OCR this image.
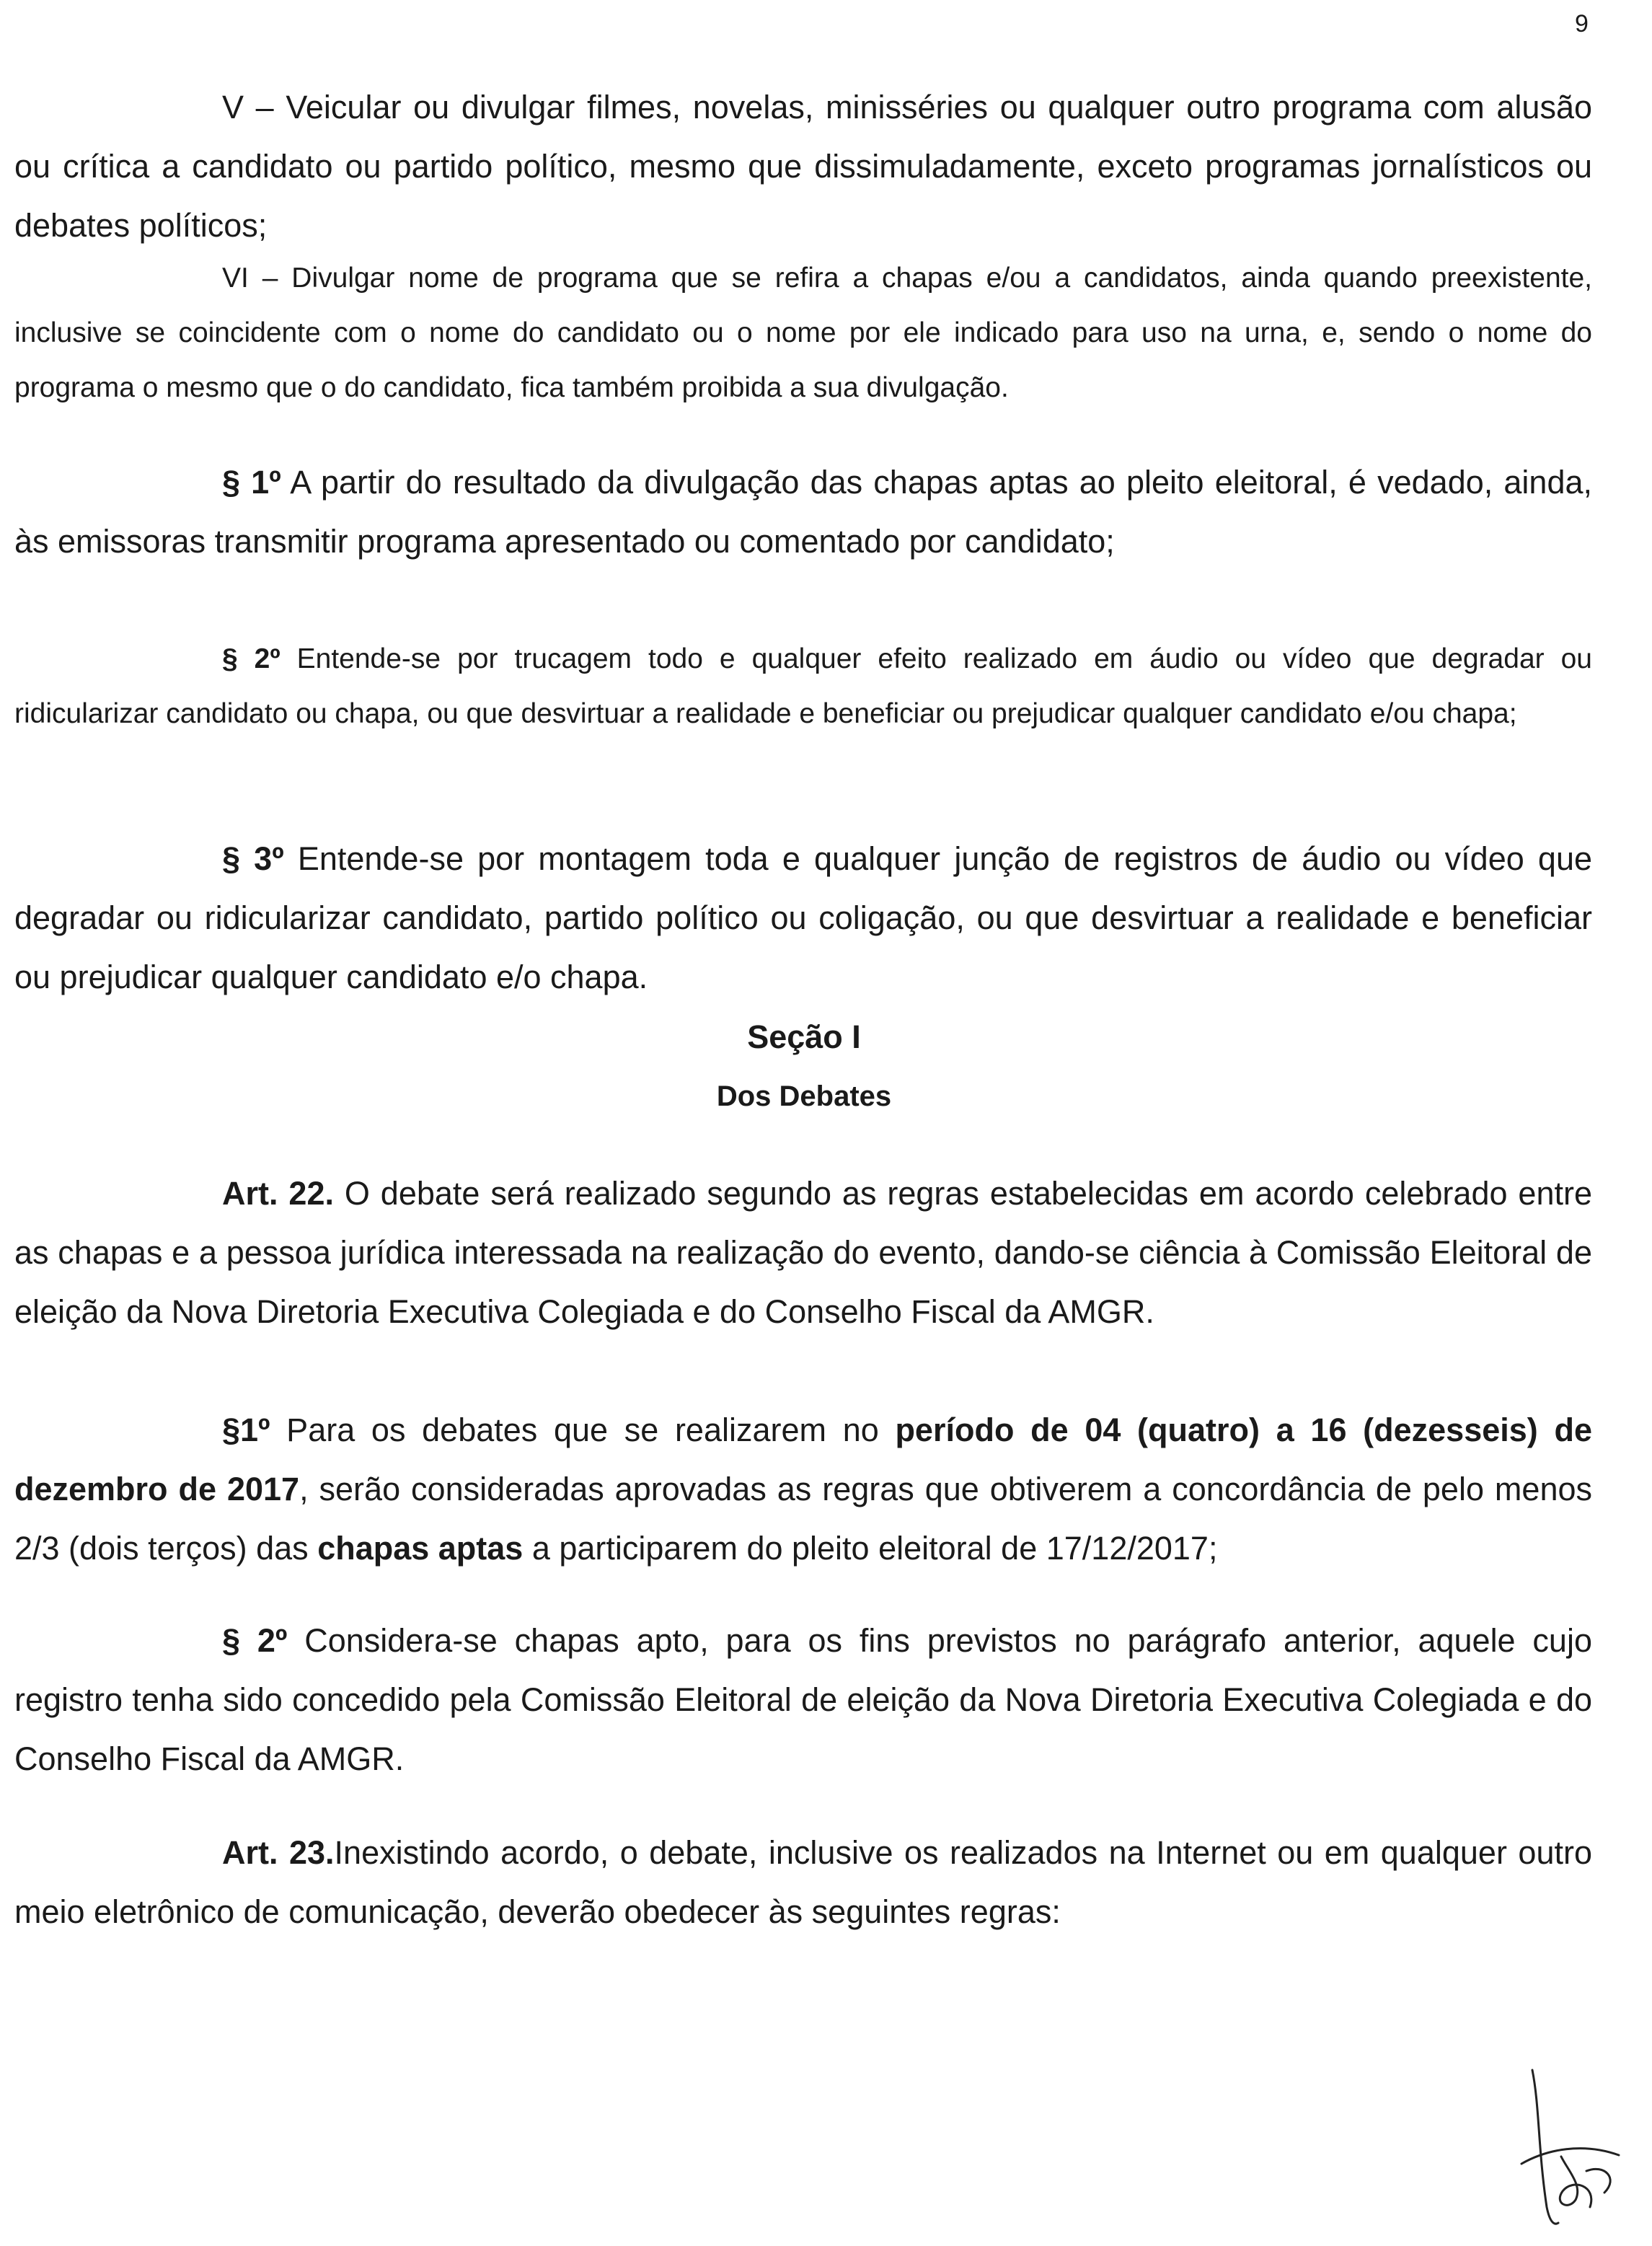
9

V – Veicular ou divulgar filmes, novelas, minisséries ou qualquer outro programa com alusão ou crítica a candidato ou partido político, mesmo que dissimuladamente, exceto programas jornalísticos ou debates políticos;

VI – Divulgar nome de programa que se refira a chapas e/ou a candidatos, ainda quando preexistente, inclusive se coincidente com o nome do candidato ou o nome por ele indicado para uso na urna, e, sendo o nome do programa o mesmo que o do candidato, fica também proibida a sua divulgação.

§ 1º A partir do resultado da divulgação das chapas aptas ao pleito eleitoral, é vedado, ainda, às emissoras transmitir programa apresentado ou comentado por candidato;

§ 2º Entende-se por trucagem todo e qualquer efeito realizado em áudio ou vídeo que degradar ou ridicularizar candidato ou chapa, ou que desvirtuar a realidade e beneficiar ou prejudicar qualquer candidato e/ou chapa;

§ 3º Entende-se por montagem toda e qualquer junção de registros de áudio ou vídeo que degradar ou ridicularizar candidato, partido político ou coligação, ou que desvirtuar a realidade e beneficiar ou prejudicar qualquer candidato e/o chapa.

Seção I
Dos Debates

Art. 22. O debate será realizado segundo as regras estabelecidas em acordo celebrado entre as chapas e a pessoa jurídica interessada na realização do evento, dando-se ciência à Comissão Eleitoral de eleição da Nova Diretoria Executiva Colegiada e do Conselho Fiscal da AMGR.

§1º Para os debates que se realizarem no período de 04 (quatro) a 16 (dezesseis) de dezembro de 2017, serão consideradas aprovadas as regras que obtiverem a concordância de pelo menos 2/3 (dois terços) das chapas aptas a participarem do pleito eleitoral de 17/12/2017;

§ 2º Considera-se chapas apto, para os fins previstos no parágrafo anterior, aquele cujo registro tenha sido concedido pela Comissão Eleitoral de eleição da Nova Diretoria Executiva Colegiada e do Conselho Fiscal da AMGR.

Art. 23.Inexistindo acordo, o debate, inclusive os realizados na Internet ou em qualquer outro meio eletrônico de comunicação, deverão obedecer às seguintes regras:
